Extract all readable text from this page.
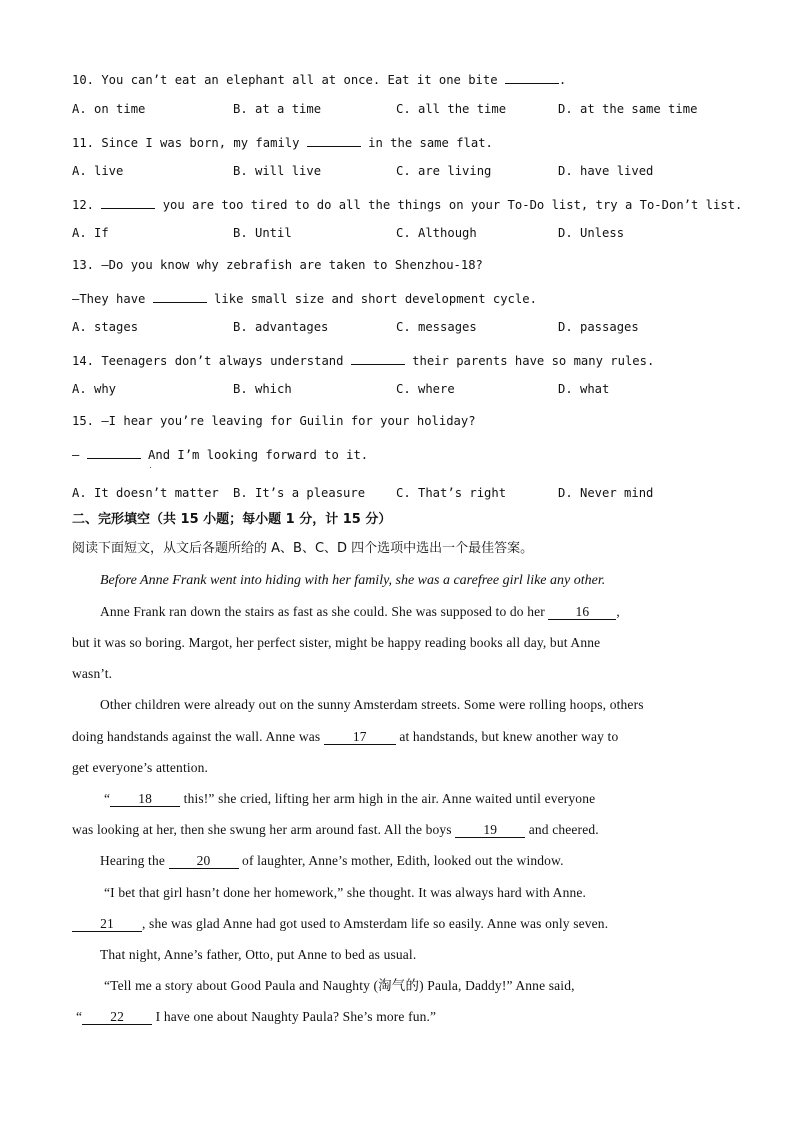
10. You can’t eat an elephant all at once. Eat it one bite	.
A. on time	B. at a time	C. all the time	D. at the same time
11. Since I was born, my family	in the same flat.
A. live	B. will live	C. are living	D. have lived
12.	you are too tired to do all the things on your To-Do list, try a To-Don’t list.
A. If	B. Until	C. Although	D. Unless
13. —Do you know why zebrafish are taken to Shenzhou-18?
—They have	like small size and short development cycle.
A. stages	B. advantages	C. messages	D. passages
14. Teenagers don’t always understand	their parents have so many rules.
A. why	B. which	C. where	D. what
15. —I hear you’re leaving for Guilin for your holiday?
—	And I’m looking forward to it.
A. It doesn’t matter B. It’s a pleasure	C. That’s right	D. Never mind
二、完形填空（共 15 小题；每小题 1 分，计 15 分）
阅读下面短文，从文后各题所给的 A、B、C、D 四个选项中选出一个最佳答案。
Before Anne Frank went into hiding with her family, she was a carefree girl like any other.
Anne Frank ran down the stairs as fast as she could. She was supposed to do her 16 ,
but it was so boring. Margot, her perfect sister, might be happy reading books all day, but Anne
wasn’t.
Other children were already out on the sunny Amsterdam streets. Some were rolling hoops, others
doing handstands against the wall. Anne was 17 at handstands, but knew another way to
get everyone’s attention.
“ 18 this!” she cried, lifting her arm high in the air. Anne waited until everyone
was looking at her, then she swung her arm around fast. All the boys 19 and cheered.
Hearing the 20 of laughter, Anne’s mother, Edith, looked out the window.
“I bet that girl hasn’t done her homework,” she thought. It was always hard with Anne.
21 , she was glad Anne had got used to Amsterdam life so easily. Anne was only seven.
That night, Anne’s father, Otto, put Anne to bed as usual.
“Tell me a story about Good Paula and Naughty (淘气的) Paula, Daddy!” Anne said,
“ 22 I have one about Naughty Paula? She’s more fun.”
